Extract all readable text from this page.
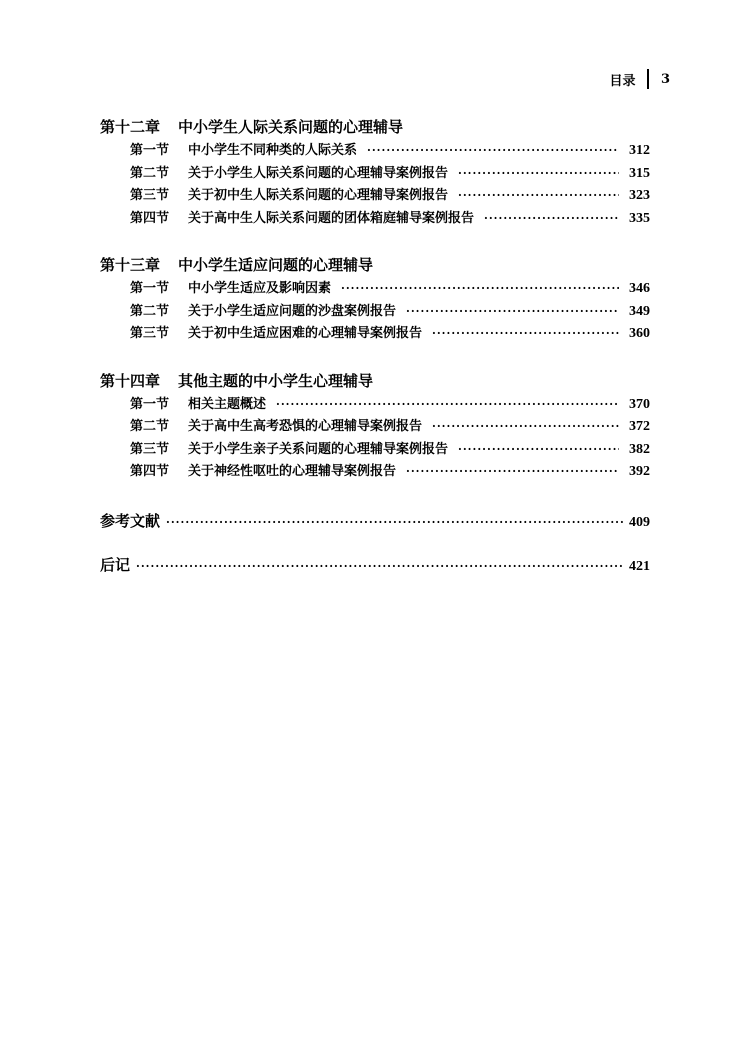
目录 3
第十二章 中小学生人际关系问题的心理辅导
第一节	中小学生不同种类的人际关系 ·····	312
第二节	关于小学生人际关系问题的心理辅导案例报告 ·····	315
第三节	关于初中生人际关系问题的心理辅导案例报告 ·····	323
第四节	关于高中生人际关系问题的团体箱庭辅导案例报告 ·····	335
第十三章 中小学生适应问题的心理辅导
第一节	中小学生适应及影响因素 ·····	346
第二节	关于小学生适应问题的沙盘案例报告 ·····	349
第三节	关于初中生适应困难的心理辅导案例报告 ·····	360
第十四章 其他主题的中小学生心理辅导
第一节	相关主题概述 ·····	370
第二节	关于高中生高考恐惧的心理辅导案例报告 ·····	372
第三节	关于小学生亲子关系问题的心理辅导案例报告 ·····	382
第四节	关于神经性呕吐的心理辅导案例报告 ·····	392
参考文献 ·····	409
后记 ·····	421
